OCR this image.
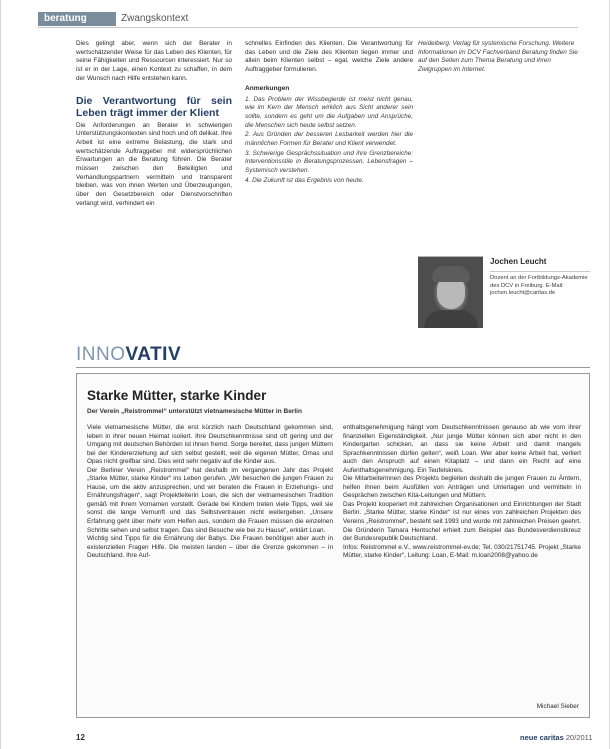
beratung	Zwangskontext

Dies gelingt aber, wenn sich der Berater in wertschätzender Weise für das Leben des Klienten, für seine Fähigkeiten und Ressourcen interessiert. Nur so ist er in der Lage, einen Kontext zu schaffen, in dem der Wunsch nach Hilfe entstehen kann.

Die Verantwortung für sein Leben trägt immer der Klient

Die Anforderungen an Berater in schwierigen Unterstützungskontexten sind hoch und oft delikat. Ihre Arbeit ist eine extreme Belastung, die stark und wertschätzende Auftraggeber mit widersprüchlichen Erwartungen an die Beratung führen. Die Berater müssen zwischen den Beteiligten und Verhandlungspartnern vermitteln und transparent bleiben, was von ihnen Werten und Überzeugungen, über den Gesetzbereich oder Dienstvorschriften verlangt wird, verhindert ein

schnelles Einfinden des Klienten. Die Verantwortung für das Leben und die Ziele des Klienten liegen immer und allein beim Klienten selbst – egal, welche Ziele andere Auftraggeber formulieren.

Anmerkungen

1. Das Problem der Wissbegierde ist meist nicht genau, wie im Kern der Mensch wirklich aus Sicht anderer sein sollte, sondern es geht um die Aufgaben und Ansprüche, die Menschen sich heute selbst setzen.
2. Aus Gründen der besseren Lesbarkeit werden hier die männlichen Formen für Berater und Klient verwendet.
3. Schwierige Gesprächssituation und ihre Grenzbereiche: Interventionsstile in Beratungsprozessen, Lebensfragen – Systemisch verstehen.
4. Die Zukunft ist das Ergebnis von heute.
Heidelberg: Verlag für systemische Forschung. Weitere Informationen im DCV Fachverband Beratung finden Sie auf den Seiten zum Thema Beratung und ihren Zielgruppen im Internet.
Jochen Leucht
Dozent an der Fortbildungs-Akademie des DCV in Freiburg. E-Mail: jochen.leucht@caritas.de
INNOVATIV
Starke Mütter, starke Kinder
Der Verein „Reistrommel“ unterstützt vietnamesische Mütter in Berlin

Viele vietnamesische Mütter, die erst kürzlich nach Deutschland gekommen sind, leben in ihrer neuen Heimat isoliert. Ihre Deutschkenntnisse sind oft gering und der Umgang mit deutschen Behörden ist ihnen fremd. Sorge bereitet, dass jungen Müttern bei der Kindererziehung auf sich selbst gestellt, weil die eigenen Mütter, Omas und Opas nicht greifbar sind. Dies wird sehr negativ auf die Kinder aus.

Der Berliner Verein „Reistrommel“ hat deshalb im vergangenen Jahr das Projekt „Starke Mütter, starke Kinder“ ins Leben gerufen. „Wir besuchen die jungen Frauen zu Hause, um die aktiv anzusprechen, und wir beraten die Frauen in Erziehungs- und Ernährungsfragen“, sagt Projektleiterin Loan, die sich der vietnamesischen Tradition gemäß mit ihrem Vornamen vorstellt. Gerade bei Kindern treten viele Tipps, weil sie sonst die lange Vernunft und das Selbstvertrauen nicht weitergeben. „Unsere Erfahrung geht über mehr vom Helfen aus, sondern die Frauen müssen die einzelnen Schritte sehen und selbst tragen. Das sind Besuche wie bei zu Hause“, erklärt Loan.

Wichtig sind Tipps für die Ernährung der Babys. Die Frauen benötigen aber auch in existenziellen Fragen Hilfe. Die meisten landen – über die Grenze gekommen – in Deutschland. Ihre Auf-

enthaltsgenehmigung hängt vom Deutschkenntnissen genauso ab wie vom ihrer finanziellen Eigenständigkeit. „Nur junge Mütter können sich aber nicht in den Kindergarten schicken, an dass sie keine Arbeit und damit mangels Sprachkenntnissen dürfen gelten“, weiß Loan. Wer aber keine Arbeit hat, verliert auch den Anspruch auf einen Kitaplatz – und dann ein Recht auf eine Aufenthaltsgenehmigung. Ein Teufelskreis.

Die Mitarbeiterinnen des Projekts begleiten deshalb die jungen Frauen zu Ämtern, helfen ihnen beim Ausfüllen von Anträgen und Unterlagen und vermitteln in Gesprächen zwischen Kita-Leitungen und Müttern.

Das Projekt kooperiert mit zahlreichen Organisationen und Einrichtungen der Stadt Berlin. „Starke Mütter, starke Kinder“ ist nur eines von zahlreichen Projekten des Vereins „Reistrommel“, besteht seit 1993 und wurde mit zahlreichen Preisen geehrt. Die Gründerin Tamara Hentschel erhielt zum Beispiel das Bundesverdienstkreuz der Bundesrepublik Deutschland.

Infos: Reistrommel e.V., www.reistrommel-ev.de; Tel. 030/21751745. Projekt „Starke Mütter, starke Kinder“, Leitung: Loan, E-Mail: m.loan2008@yahoo.de

Michael Sieber
12	neue caritas 20/2011
